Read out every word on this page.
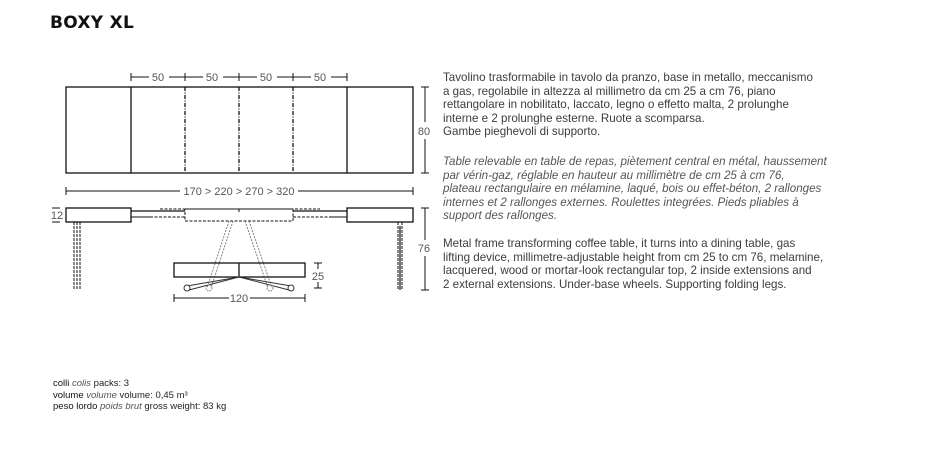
BOXY XL
50	50	50	50
80
170 > 220 > 270 > 320
12
76
25
120

Tavolino trasformabile in tavolo da pranzo, base in metallo, meccanismo

a gas, regolabile in altezza al millimetro da cm 25 a cm 76, piano

rettangolare in nobilitato, laccato, legno o effetto malta, 2 prolunghe

interne e 2 prolunghe esterne. Ruote a scomparsa.

Gambe pieghevoli di supporto.

Table relevable en table de repas, piètement central en métal, haussement

par vérin-gaz, réglable en hauteur au millimètre de cm 25 à cm 76,

plateau rectangulaire en mélamine, laqué, bois ou effet-béton, 2 rallonges

internes et 2 rallonges externes. Roulettes integrées. Pieds pliables à

support des rallonges.

Metal frame transforming coffee table, it turns into a dining table, gas

lifting device, millimetre-adjustable height from cm 25 to cm 76, melamine,

lacquered, wood or mortar-look rectangular top, 2 inside extensions and

2 external extensions. Under-base wheels. Supporting folding legs.

colli colis packs: 3
volume volume volume: 0,45 m³
peso lordo poids brut gross weight: 83 kg
